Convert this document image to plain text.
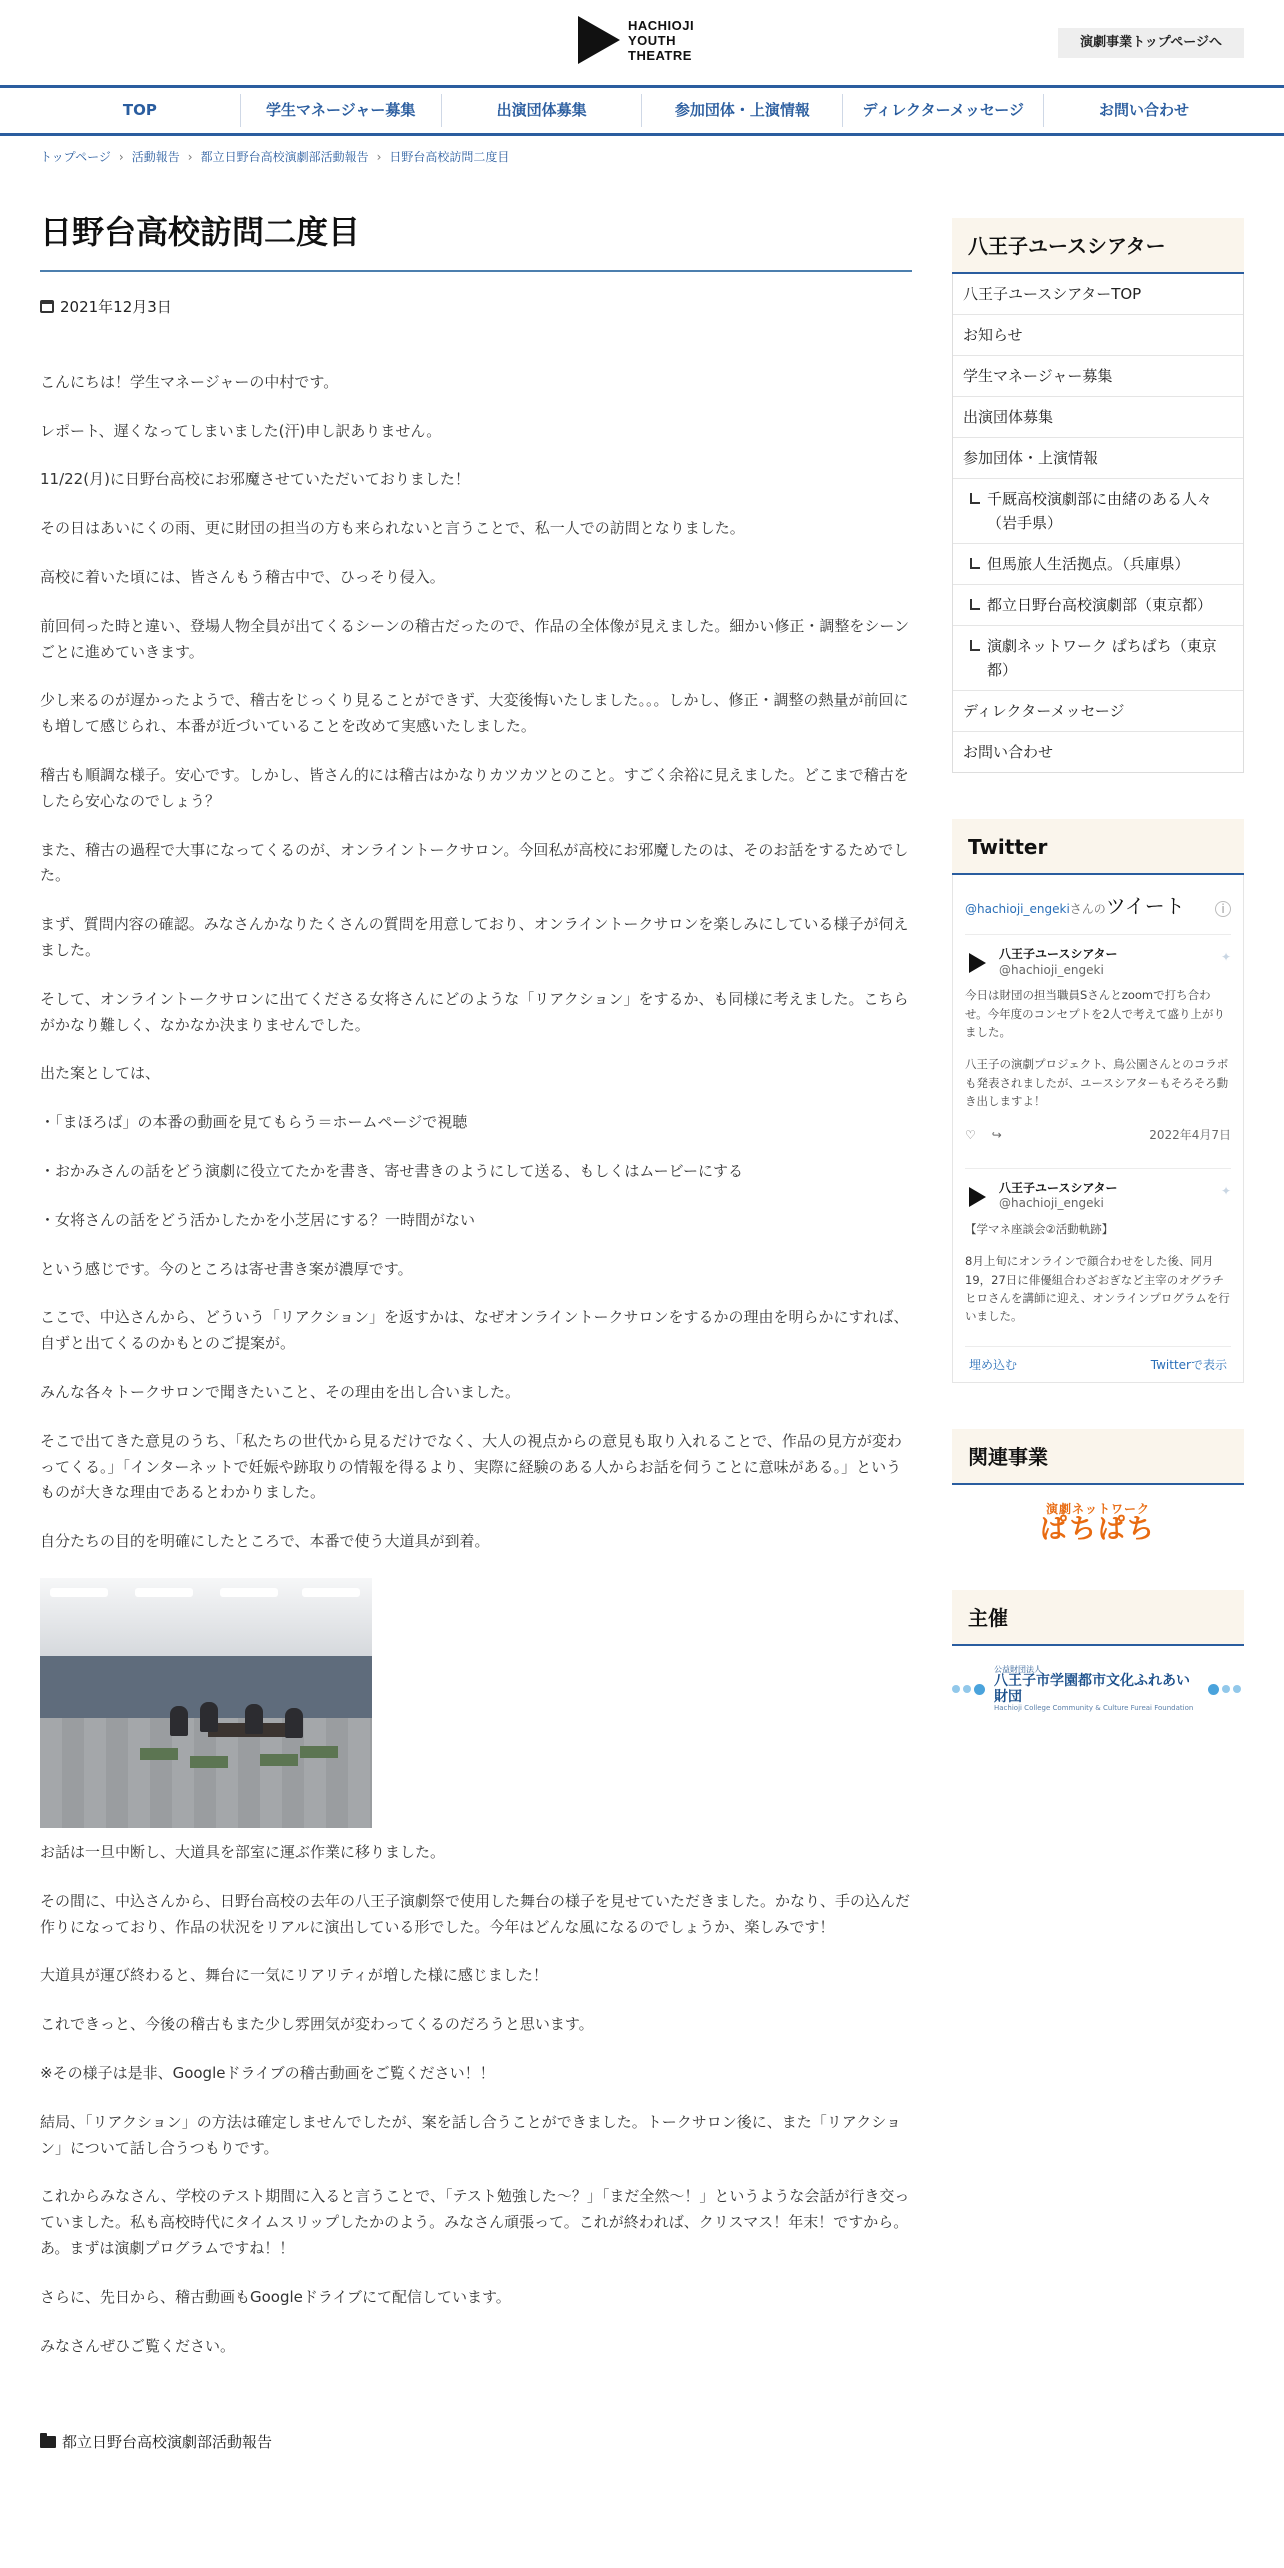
HACHIOJI
YOUTH
THEATRE
演劇事業トップページへ
TOP	学生マネージャー募集	出演団体募集	参加団体・上演情報	ディレクターメッセージ	お問い合わせ
トップページ › 活動報告 › 都立日野台高校演劇部活動報告 › 日野台高校訪問二度目
日野台高校訪問二度目
2021年12月3日

こんにちは！学生マネージャーの中村です。

レポート、遅くなってしまいました(汗)申し訳ありません。

11/22(月)に日野台高校にお邪魔させていただいておりました！

その日はあいにくの雨、更に財団の担当の方も来られないと言うことで、私一人での訪問となりました。

高校に着いた頃には、皆さんもう稽古中で、ひっそり侵入。

前回伺った時と違い、登場人物全員が出てくるシーンの稽古だったので、作品の全体像が見えました。細かい修正・調整をシーンごとに進めていきます。

少し来るのが遅かったようで、稽古をじっくり見ることができず、大変後悔いたしました。。。しかし、修正・調整の熱量が前回にも増して感じられ、本番が近づいていることを改めて実感いたしました。

稽古も順調な様子。安心です。しかし、皆さん的には稽古はかなりカツカツとのこと。すごく余裕に見えました。どこまで稽古をしたら安心なのでしょう？

また、稽古の過程で大事になってくるのが、オンライントークサロン。今回私が高校にお邪魔したのは、そのお話をするためでした。

まず、質問内容の確認。みなさんかなりたくさんの質問を用意しており、オンライントークサロンを楽しみにしている様子が伺えました。

そして、オンライントークサロンに出てくださる女将さんにどのような「リアクション」をするか、も同様に考えました。こちらがかなり難しく、なかなか決まりませんでした。

出た案としては、

・「まほろば」の本番の動画を見てもらう＝ホームページで視聴

・おかみさんの話をどう演劇に役立てたかを書き、寄せ書きのようにして送る、もしくはムービーにする

・女将さんの話をどう活かしたかを小芝居にする？一時間がない

という感じです。今のところは寄せ書き案が濃厚です。

ここで、中込さんから、どういう「リアクション」を返すかは、なぜオンライントークサロンをするかの理由を明らかにすれば、自ずと出てくるのかもとのご提案が。

みんな各々トークサロンで聞きたいこと、その理由を出し合いました。

そこで出てきた意見のうち、「私たちの世代から見るだけでなく、大人の視点からの意見も取り入れることで、作品の見方が変わってくる。」「インターネットで妊娠や跡取りの情報を得るより、実際に経験のある人からお話を伺うことに意味がある。」というものが大きな理由であるとわかりました。

自分たちの目的を明確にしたところで、本番で使う大道具が到着。

お話は一旦中断し、大道具を部室に運ぶ作業に移りました。

その間に、中込さんから、日野台高校の去年の八王子演劇祭で使用した舞台の様子を見せていただきました。かなり、手の込んだ作りになっており、作品の状況をリアルに演出している形でした。今年はどんな風になるのでしょうか、楽しみです！

大道具が運び終わると、舞台に一気にリアリティが増した様に感じました！

これできっと、今後の稽古もまた少し雰囲気が変わってくるのだろうと思います。

※その様子は是非、Googleドライブの稽古動画をご覧ください！！

結局、「リアクション」の方法は確定しませんでしたが、案を話し合うことができました。トークサロン後に、また「リアクション」について話し合うつもりです。

これからみなさん、学校のテスト期間に入ると言うことで、「テスト勉強した〜？」「まだ全然〜！」というような会話が行き交っていました。私も高校時代にタイムスリップしたかのよう。みなさん頑張って。これが終われば、クリスマス！年末！ですから。あ。まずは演劇プログラムですね！！

さらに、先日から、稽古動画もGoogleドライブにて配信しています。

みなさんぜひご覧ください。

都立日野台高校演劇部活動報告
八王子ユースシアター
八王子ユースシアターTOP
お知らせ
学生マネージャー募集
出演団体募集
参加団体・上演情報
千厩高校演劇部に由緒のある人々（岩手県）
但馬旅人生活拠点。（兵庫県）
都立日野台高校演劇部（東京都）
演劇ネットワーク ぱちぱち（東京都）
ディレクターメッセージ
お問い合わせ
Twitter
@hachioji_engekiさんのツイート	i
八王子ユースシアター
@hachioji_engeki
✦

今日は財団の担当職員Sさんとzoomで打ち合わせ。今年度のコンセプトを2人で考えて盛り上がりました。

八王子の演劇プロジェクト、鳥公園さんとのコラボも発表されましたが、ユースシアターもそろそろ動き出しますよ！

♡ ↪	2022年4月7日
八王子ユースシアター
@hachioji_engeki
✦

【学マネ座談会②活動軌跡】

8月上旬にオンラインで顔合わせをした後、同月19，27日に俳優組合わざおぎなど主宰のオグラチヒロさんを講師に迎え、オンラインプログラムを行いました。

埋め込む	Twitterで表示
関連事業
演劇ネットワーク
ぱちぱち
主催
公益財団法人
八王子市学園都市文化ふれあい財団
Hachioji College Community & Culture Fureai Foundation
